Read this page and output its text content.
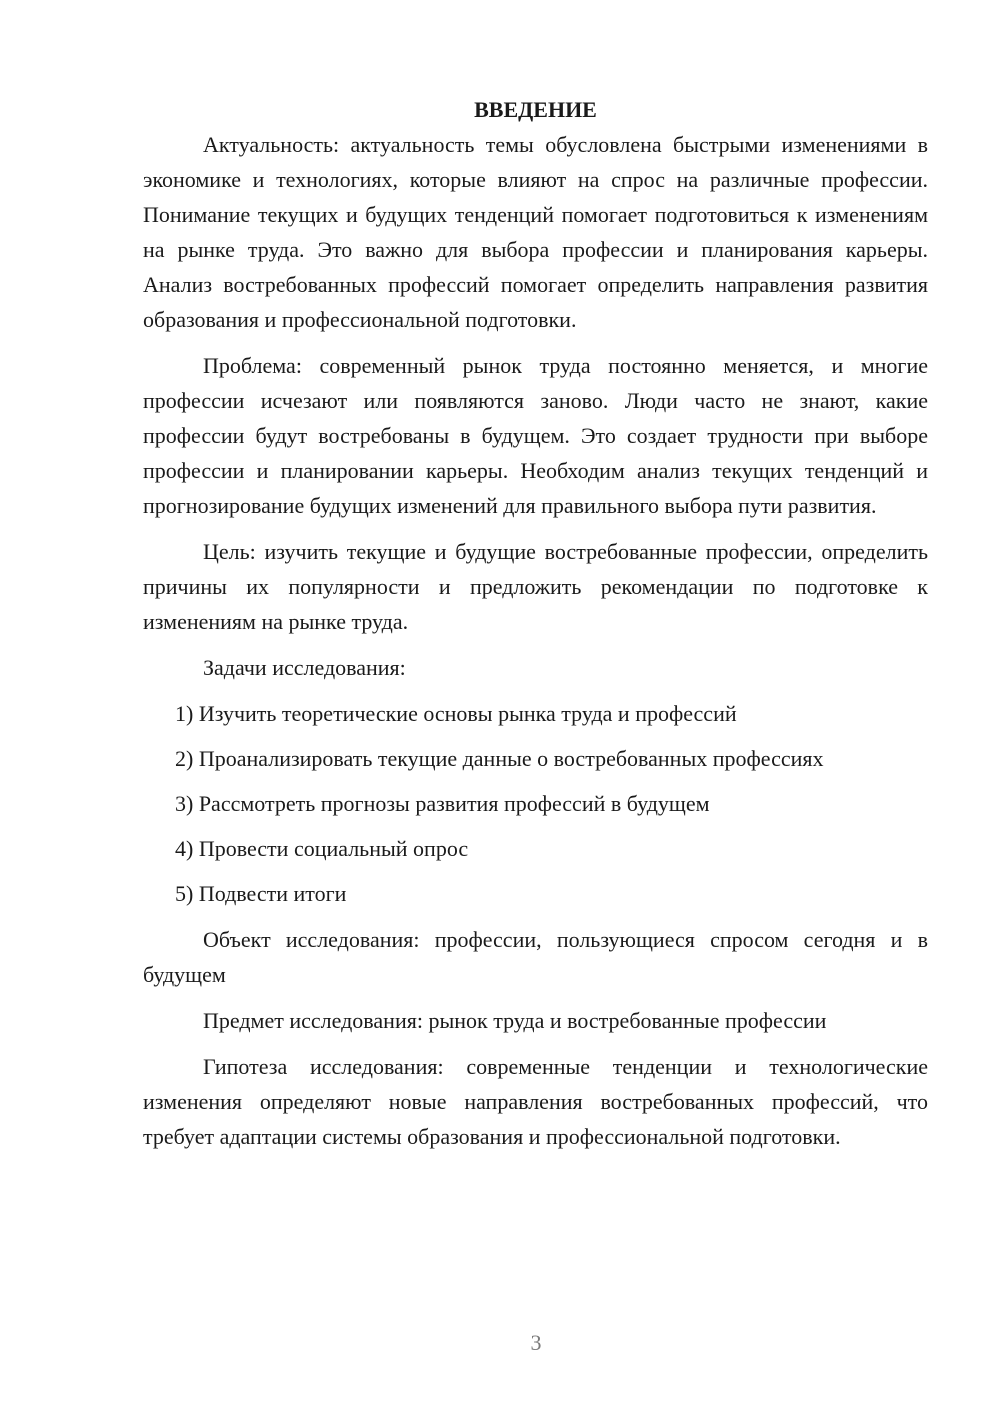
ВВЕДЕНИЕ

Актуальность: актуальность темы обусловлена быстрыми изменениями в экономике и технологиях, которые влияют на спрос на различные профессии. Понимание текущих и будущих тенденций помогает подготовиться к изменениям на рынке труда. Это важно для выбора профессии и планирования карьеры. Анализ востребованных профессий помогает определить направления развития образования и профессиональной подготовки.

Проблема: современный рынок труда постоянно меняется, и многие профессии исчезают или появляются заново. Люди часто не знают, какие профессии будут востребованы в будущем. Это создает трудности при выборе профессии и планировании карьеры. Необходим анализ текущих тенденций и прогнозирование будущих изменений для правильного выбора пути развития.

Цель: изучить текущие и будущие востребованные профессии, определить причины их популярности и предложить рекомендации по подготовке к изменениям на рынке труда.

Задачи исследования:

1) Изучить теоретические основы рынка труда и профессий
2) Проанализировать текущие данные о востребованных профессиях
3) Рассмотреть прогнозы развития профессий в будущем
4) Провести социальный опрос
5) Подвести итоги

Объект исследования: профессии, пользующиеся спросом сегодня и в будущем

Предмет исследования: рынок труда и востребованные профессии

Гипотеза исследования: современные тенденции и технологические изменения определяют новые направления востребованных профессий, что требует адаптации системы образования и профессиональной подготовки.

3
